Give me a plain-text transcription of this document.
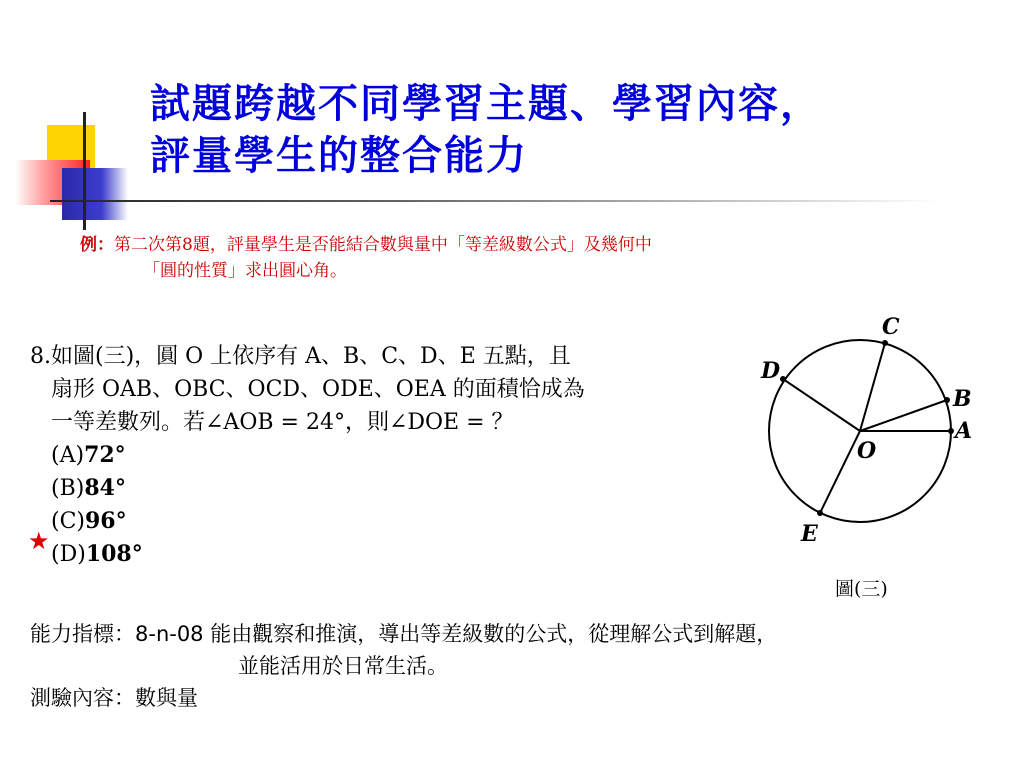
試題跨越不同學習主題、學習內容，
評量學生的整合能力
例：第二次第8題，評量學生是否能結合數與量中「等差級數公式」及幾何中
「圓的性質」求出圓心角。
8.如圖(三)，圓 O 上依序有 A、B、C、D、E 五點，且
扇形 OAB、OBC、OCD、ODE、OEA 的面積恰成為
一等差數列。若∠AOB = 24°，則∠DOE = ？
(A)72°
(B)84°
(C)96°
(D)108°
★
A
B
C
D
E
O
圖(三)
能力指標：8-n-08 能由觀察和推演，導出等差級數的公式，從理解公式到解題，
並能活用於日常生活。
測驗內容：數與量
